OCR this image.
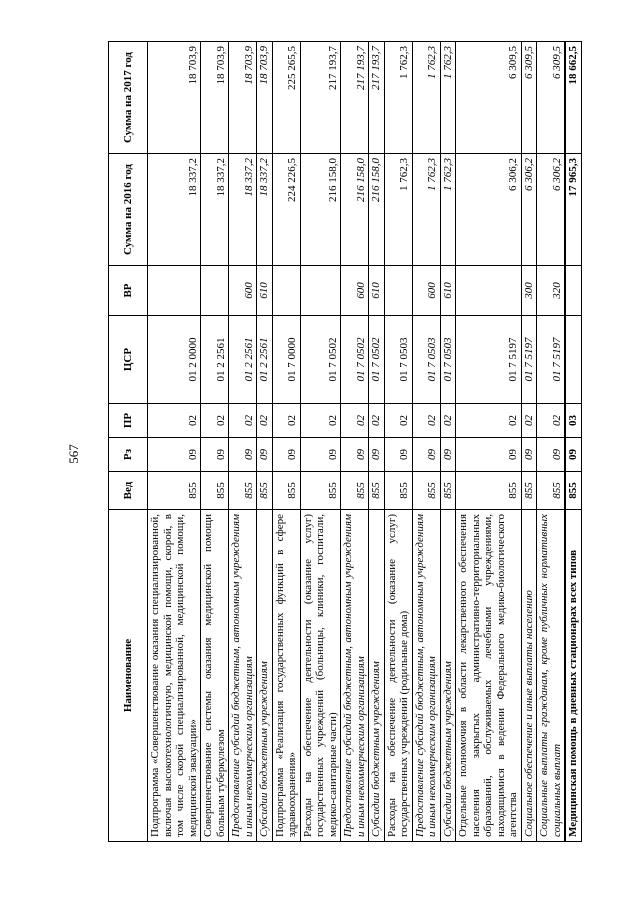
567
Наименование	Вед	Рз	ПР	ЦСР	ВР	Сумма на 2016 год	Сумма на 2017 год
Подпрограмма «Совершенствование оказания специализированной, включая высокотехнологичную, медицинской помощи, скорой, в том числе скорой специализированной, медицинской помощи, медицинской эвакуации»	855	09	02	01 2 0000		18 337,2	18 703,9
Совершенствование системы оказания медицинской помощи больным туберкулезом	855	09	02	01 2 2561		18 337,2	18 703,9
Предоставление субсидий бюджетным, автономным учреждениям и иным некоммерческим организациям	855	09	02	01 2 2561	600	18 337,2	18 703,9
Субсидии бюджетным учреждениям	855	09	02	01 2 2561	610	18 337,2	18 703,9
Подпрограмма «Реализация государственных функций в сфере здравоохранения»	855	09	02	01 7 0000		224 226,5	225 265,5
Расходы на обеспечение деятельности (оказание услуг) государственных учреждений (больницы, клиники, госпитали, медико-санитарные части)	855	09	02	01 7 0502		216 158,0	217 193,7
Предоставление субсидий бюджетным, автономным учреждениям и иным некоммерческим организациям	855	09	02	01 7 0502	600	216 158,0	217 193,7
Субсидии бюджетным учреждениям	855	09	02	01 7 0502	610	216 158,0	217 193,7
Расходы на обеспечение деятельности (оказание услуг) государственных учреждений (родильные дома)	855	09	02	01 7 0503		1 762,3	1 762,3
Предоставление субсидий бюджетным, автономным учреждениям и иным некоммерческим организациям	855	09	02	01 7 0503	600	1 762,3	1 762,3
Субсидии бюджетным учреждениям	855	09	02	01 7 0503	610	1 762,3	1 762,3
Отдельные полномочия в области лекарственного обеспечения населения закрытых административно-территориальных образований, обслуживаемых лечебными учреждениями, находящимися в ведении Федерального медико-биологического агентства	855	09	02	01 7 5197		6 306,2	6 309,5
Социальное обеспечение и иные выплаты населению	855	09	02	01 7 5197	300	6 306,2	6 309,5
Социальные выплаты гражданам, кроме публичных нормативных социальных выплат	855	09	02	01 7 5197	320	6 306,2	6 309,5
Медицинская помощь в дневных стационарах всех типов	855	09	03			17 965,3	18 662,5
